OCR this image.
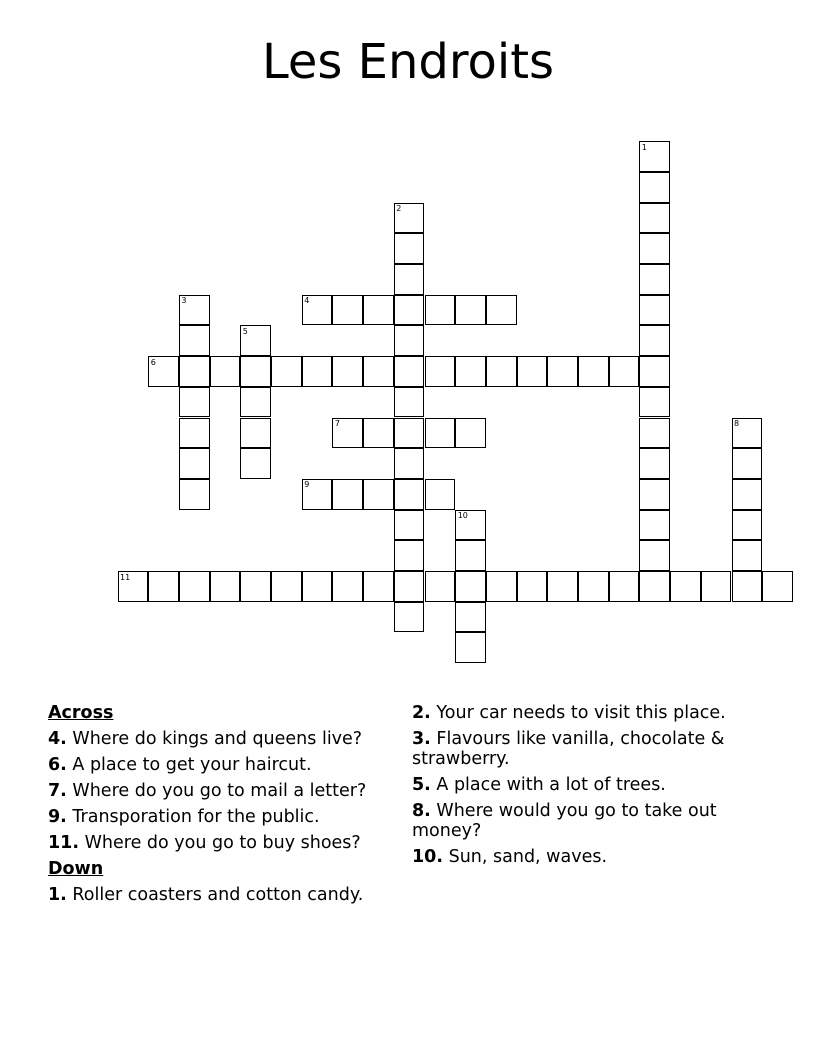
Les Endroits
1
2
3	4
5
6
7	8
9
10
11
Across
4. Where do kings and queens live?
6. A place to get your haircut.
7. Where do you go to mail a letter?
9. Transporation for the public.
11. Where do you go to buy shoes?
Down
1. Roller coasters and cotton candy.
2. Your car needs to visit this place.
3. Flavours like vanilla, chocolate & strawberry.
5. A place with a lot of trees.
8. Where would you go to take out money?
10. Sun, sand, waves.
